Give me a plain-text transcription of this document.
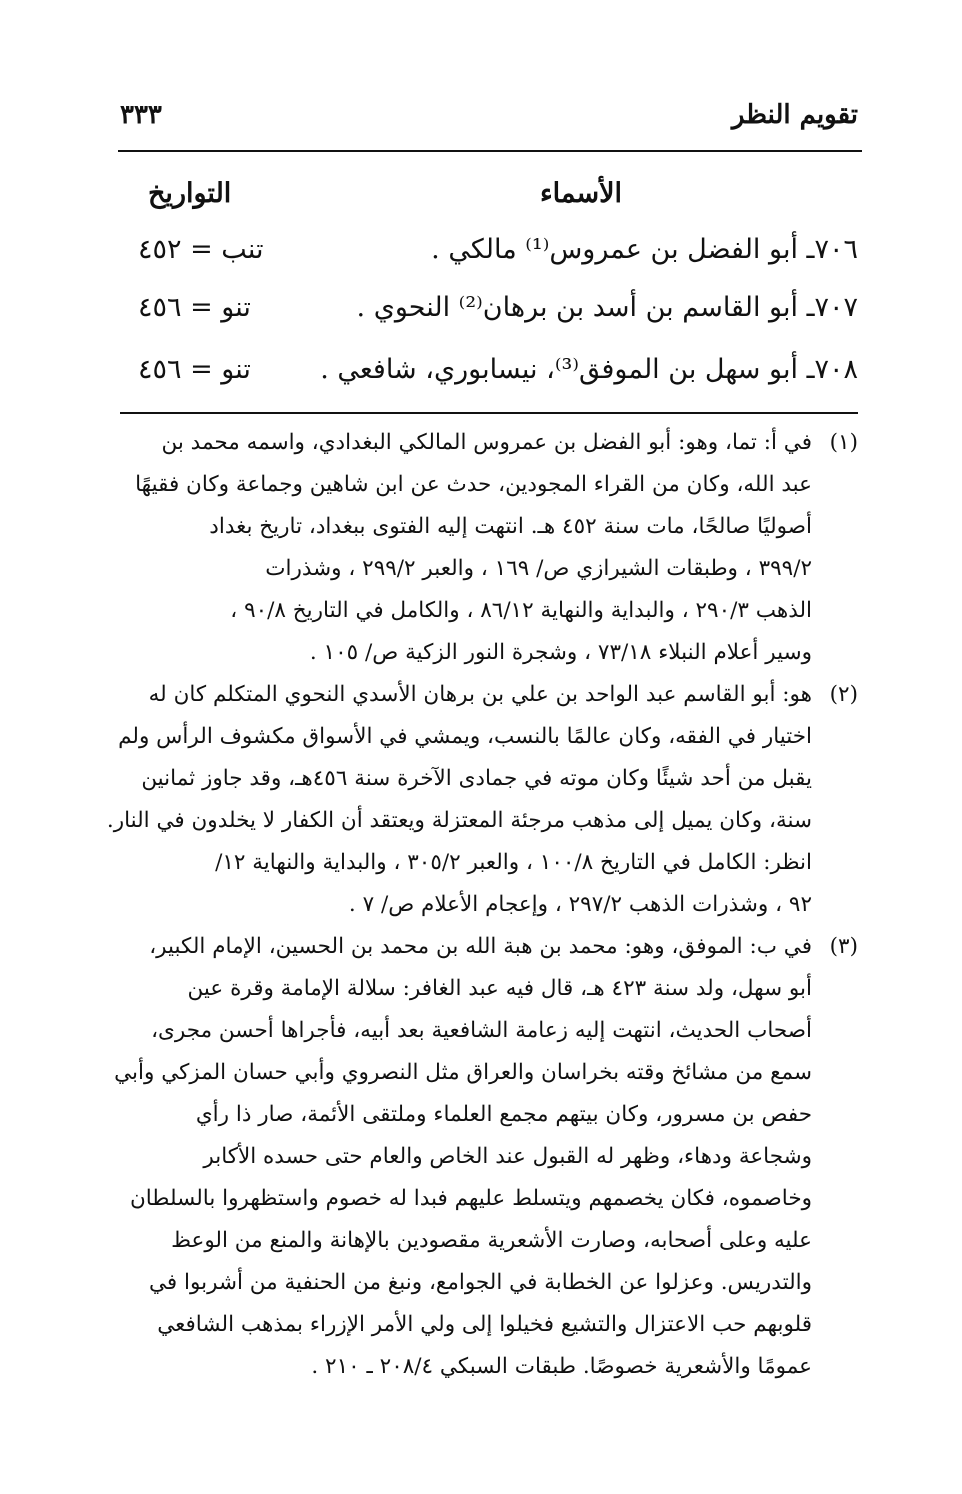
تقويم النظر
٣٣٣
الأسماء
التواريخ
٧٠٦ـ أبو الفضل بن عمروس⁽¹⁾ مالكي .
تنب = ٤٥٢
٧٠٧ـ أبو القاسم بن أسد بن برهان⁽²⁾ النحوي .
تنو = ٤٥٦
٧٠٨ـ أبو سهل بن الموفق⁽³⁾، نيسابوري، شافعي .
تنو = ٤٥٦
(١)
في أ: تما، وهو: أبو الفضل بن عمروس المالكي البغدادي، واسمه محمد بن
عبد الله، وكان من القراء المجودين، حدث عن ابن شاهين وجماعة وكان فقيهًا
أصوليًا صالحًا، مات سنة ٤٥٢ هـ. انتهت إليه الفتوى ببغداد، تاريخ بغداد
٣٩٩/٢ ، وطبقات الشيرازي ص/ ١٦٩ ، والعبر ٢٩٩/٢ ، وشذرات
الذهب ٢٩٠/٣ ، والبداية والنهاية ٨٦/١٢ ، والكامل في التاريخ ٩٠/٨ ،
وسير أعلام النبلاء ٧٣/١٨ ، وشجرة النور الزكية ص/ ١٠٥ .
(٢)
هو: أبو القاسم عبد الواحد بن علي بن برهان الأسدي النحوي المتكلم كان له
اختيار في الفقه، وكان عالمًا بالنسب، ويمشي في الأسواق مكشوف الرأس ولم
يقبل من أحد شيئًا وكان موته في جمادى الآخرة سنة ٤٥٦هـ، وقد جاوز ثمانين
سنة، وكان يميل إلى مذهب مرجئة المعتزلة ويعتقد أن الكفار لا يخلدون في النار.
انظر: الكامل في التاريخ ١٠٠/٨ ، والعبر ٣٠٥/٢ ، والبداية والنهاية ١٢/
٩٢ ، وشذرات الذهب ٢٩٧/٢ ، وإعجام الأعلام ص/ ٧ .
(٣)
في ب: الموفق، وهو: محمد بن هبة الله بن محمد بن الحسين، الإمام الكبير،
أبو سهل، ولد سنة ٤٢٣ هـ، قال فيه عبد الغافر: سلالة الإمامة وقرة عين
أصحاب الحديث، انتهت إليه زعامة الشافعية بعد أبيه، فأجراها أحسن مجرى،
سمع من مشائخ وقته بخراسان والعراق مثل النصروي وأبي حسان المزكي وأبي
حفص بن مسرور، وكان بيتهم مجمع العلماء وملتقى الأئمة، صار ذا رأي
وشجاعة ودهاء، وظهر له القبول عند الخاص والعام حتى حسده الأكابر
وخاصموه، فكان يخصمهم ويتسلط عليهم فبدا له خصوم واستظهروا بالسلطان
عليه وعلى أصحابه، وصارت الأشعرية مقصودين بالإهانة والمنع من الوعظ
والتدريس. وعزلوا عن الخطابة في الجوامع، ونبغ من الحنفية من أشربوا في
قلوبهم حب الاعتزال والتشيع فخيلوا إلى ولي الأمر الإزراء بمذهب الشافعي
عمومًا والأشعرية خصوصًا. طبقات السبكي ٢٠٨/٤ ـ ٢١٠ .
